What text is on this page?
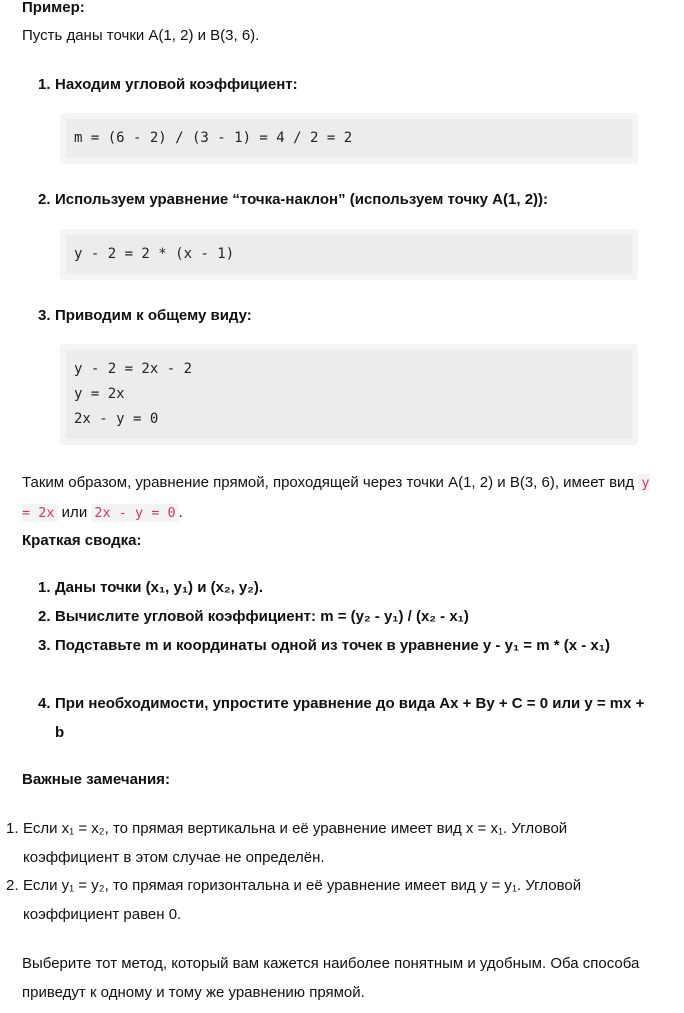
Пример:
Пусть даны точки A(1, 2) и B(3, 6).
1. Находим угловой коэффициент:
m = (6 - 2) / (3 - 1) = 4 / 2 = 2
2. Используем уравнение “точка-наклон” (используем точку A(1, 2)):
y - 2 = 2 * (x - 1)
3. Приводим к общему виду:
y - 2 = 2x - 2
y = 2x
2x - y = 0
Таким образом, уравнение прямой, проходящей через точки A(1, 2) и B(3, 6), имеет вид y = 2x или 2x - y = 0 .
Краткая сводка:
1. Даны точки (x₁, y₁) и (x₂, y₂).
2. Вычислите угловой коэффициент: m = (y₂ - y₁) / (x₂ - x₁)
3. Подставьте m и координаты одной из точек в уравнение y - y₁ = m * (x - x₁)
4. При необходимости, упростите уравнение до вида Ax + By + C = 0 или y = mx + b
Важные замечания:
1. Если x₁ = x₂, то прямая вертикальна и её уравнение имеет вид x = x₁. Угловой коэффициент в этом случае не определён.
2. Если y₁ = y₂, то прямая горизонтальна и её уравнение имеет вид y = y₁. Угловой коэффициент равен 0.
Выберите тот метод, который вам кажется наиболее понятным и удобным. Оба способа приведут к одному и тому же уравнению прямой.
